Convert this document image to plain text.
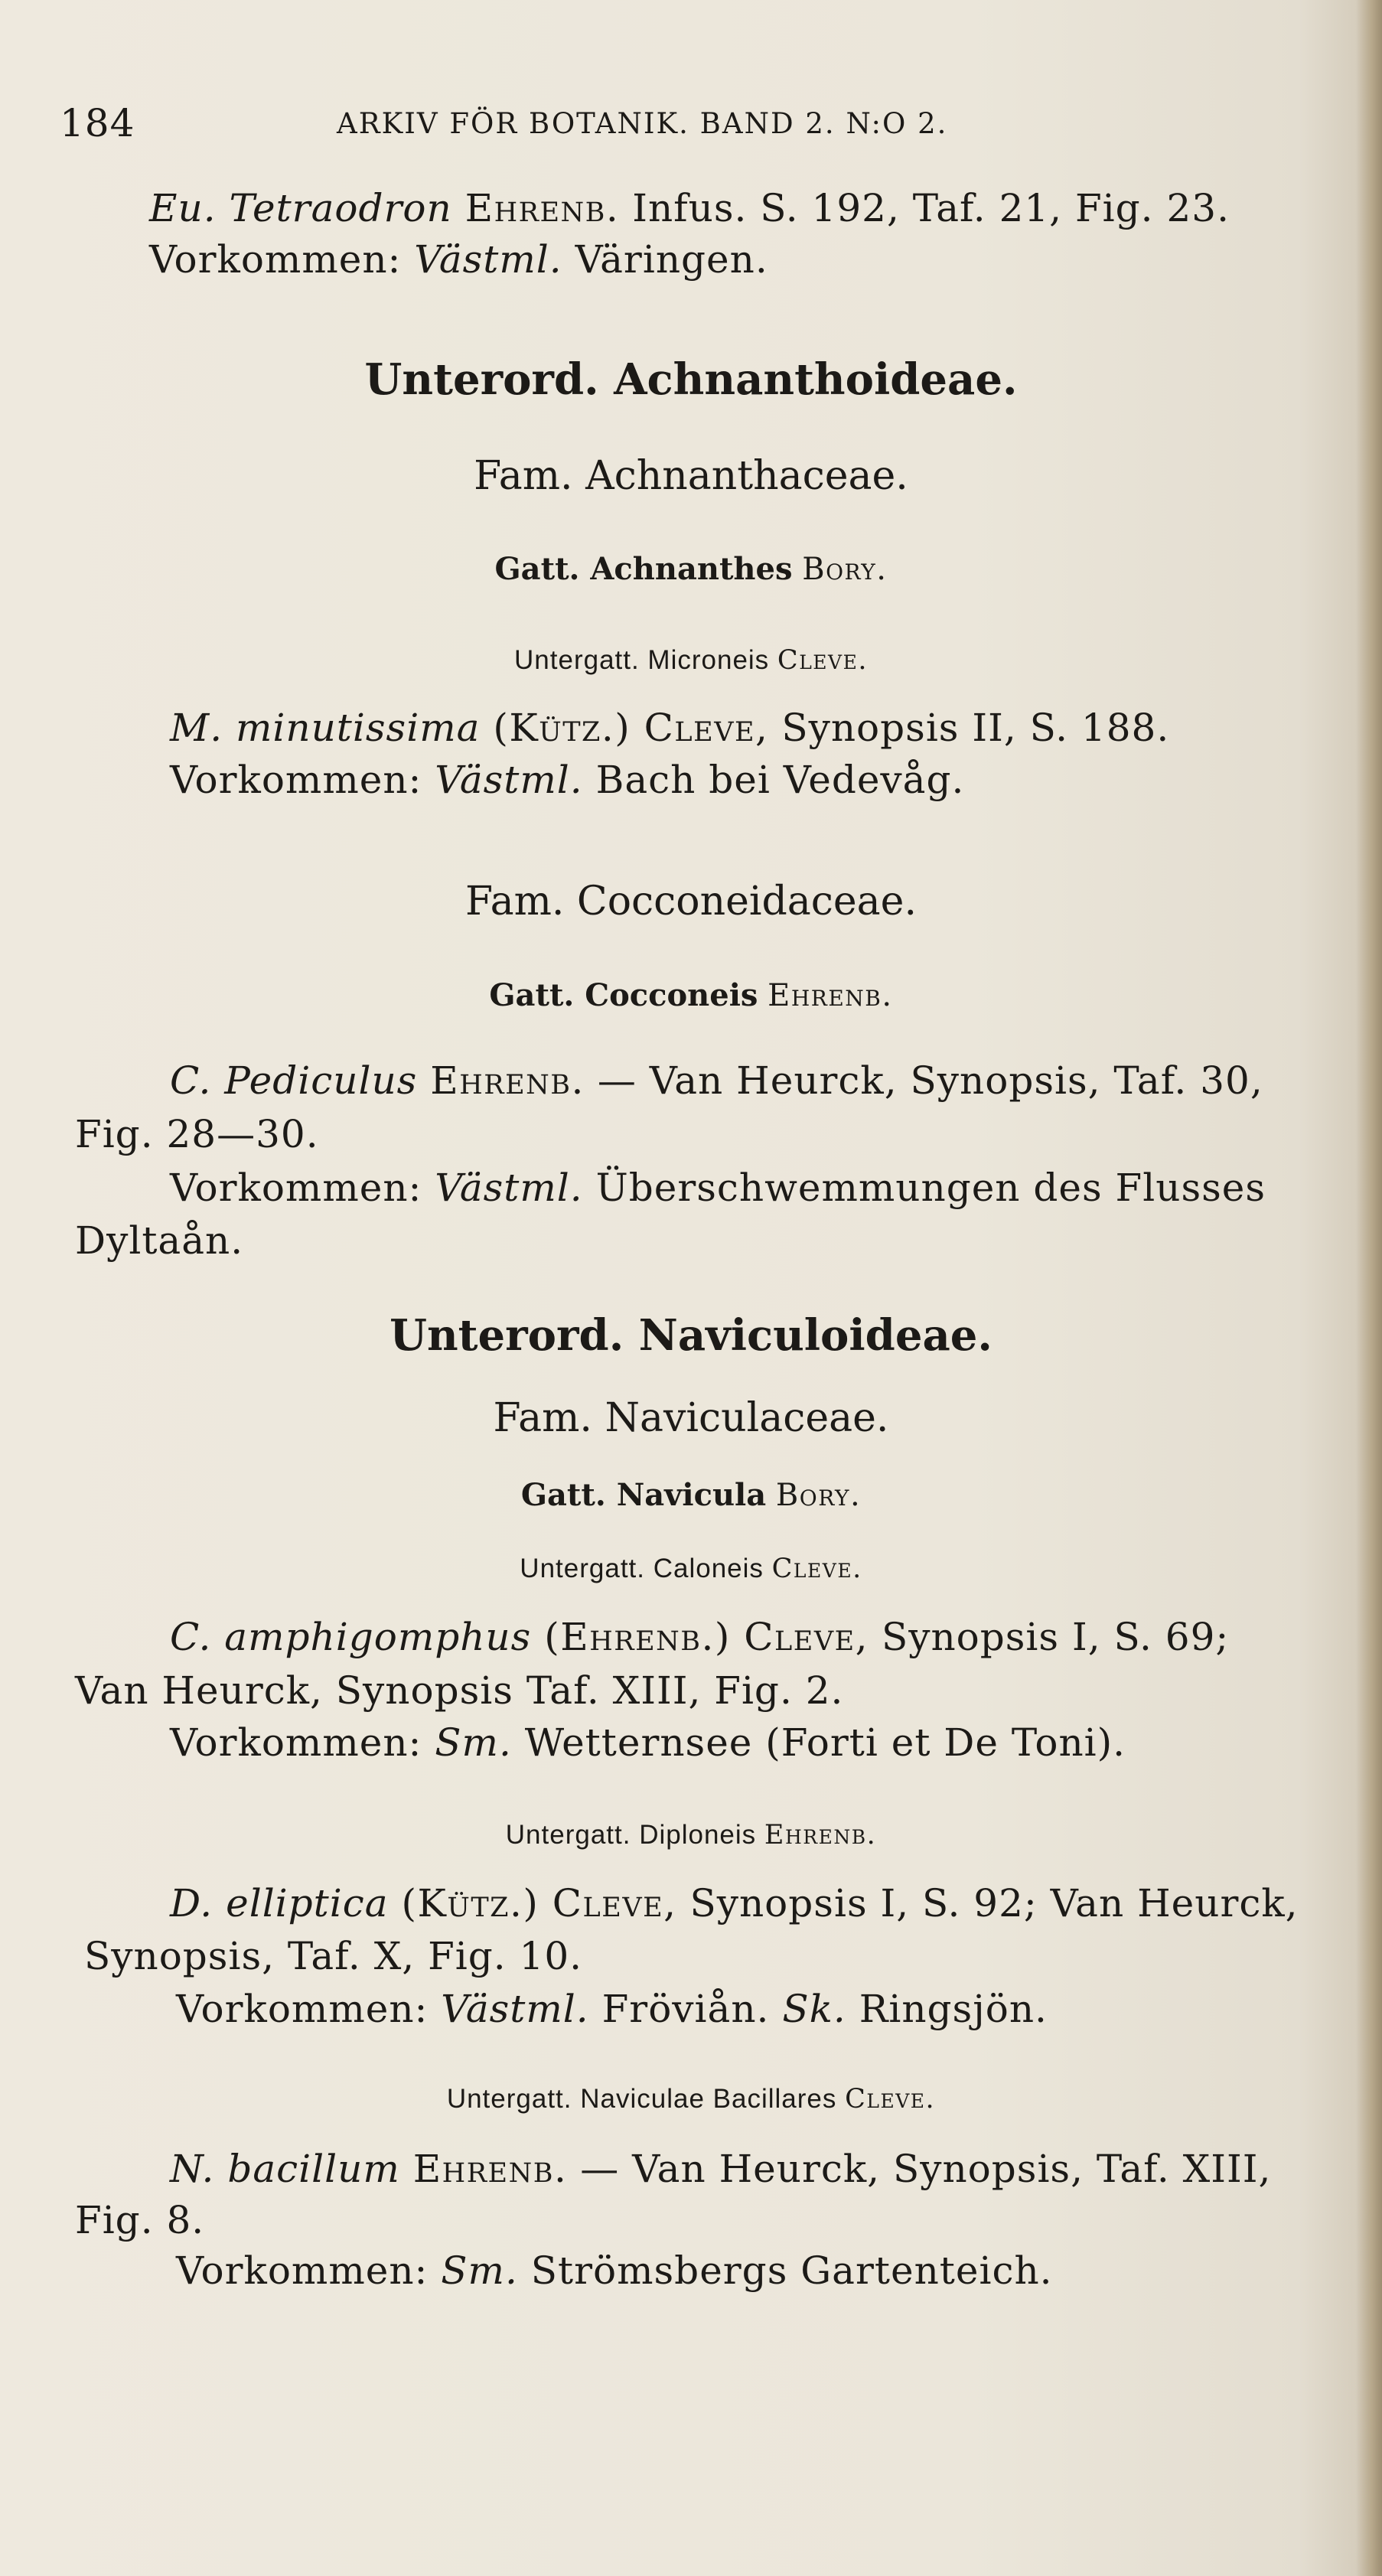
184	ARKIV FÖR BOTANIK. BAND 2. N:O 2.
Eu. Tetraodron Ehrenb. Infus. S. 192, Taf. 21, Fig. 23.
Vorkommen: Västml. Väringen.
Unterord. Achnanthoideae.
Fam. Achnanthaceae.
Gatt. Achnanthes Bory.
Untergatt. Microneis Cleve.
M. minutissima (Kütz.) Cleve, Synopsis II, S. 188.
Vorkommen: Västml. Bach bei Vedevåg.
Fam. Cocconeidaceae.
Gatt. Cocconeis Ehrenb.
C. Pediculus Ehrenb. — Van Heurck, Synopsis, Taf. 30,
Fig. 28—30.
Vorkommen: Västml. Überschwemmungen des Flusses
Dyltaån.
Unterord. Naviculoideae.
Fam. Naviculaceae.
Gatt. Navicula Bory.
Untergatt. Caloneis Cleve.
C. amphigomphus (Ehrenb.) Cleve, Synopsis I, S. 69;
Van Heurck, Synopsis Taf. XIII, Fig. 2.
Vorkommen: Sm. Wetternsee (Forti et De Toni).
Untergatt. Diploneis Ehrenb.
D. elliptica (Kütz.) Cleve, Synopsis I, S. 92; Van Heurck,
Synopsis, Taf. X, Fig. 10.
Vorkommen: Västml. Fröviån. Sk. Ringsjön.
Untergatt. Naviculae Bacillares Cleve.
N. bacillum Ehrenb. — Van Heurck, Synopsis, Taf. XIII,
Fig. 8.
Vorkommen: Sm. Strömsbergs Gartenteich.
